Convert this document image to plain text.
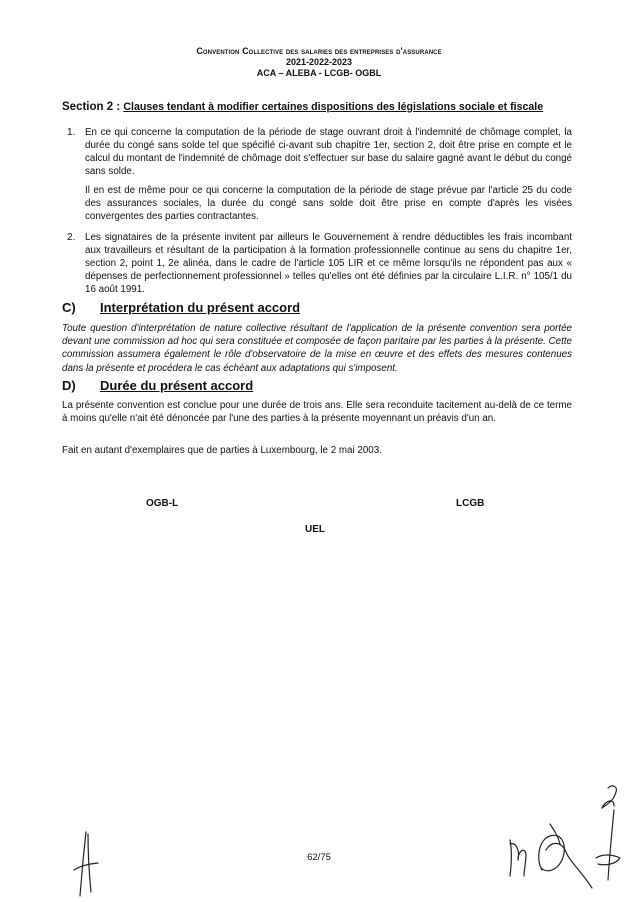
Convention Collective des salaries des entreprises d'assurance
2021-2022-2023
ACA – ALEBA - LCGB- OGBL
Section 2 : Clauses tendant à modifier certaines dispositions des législations sociale et fiscale
1. En ce qui concerne la computation de la période de stage ouvrant droit à l'indemnité de chômage complet, la durée du congé sans solde tel que spécifié ci-avant sub chapitre 1er, section 2, doit être prise en compte et le calcul du montant de l'indemnité de chômage doit s'effectuer sur base du salaire gagné avant le début du congé sans solde.

Il en est de même pour ce qui concerne la computation de la période de stage prévue par l'article 25 du code des assurances sociales, la durée du congé sans solde doit être prise en compte d'après les visées convergentes des parties contractantes.

2. Les signataires de la présente invitent par ailleurs le Gouvernement à rendre déductibles les frais incombant aux travailleurs et résultant de la participation à la formation professionnelle continue au sens du chapitre 1er, section 2, point 1, 2e alinéa, dans le cadre de l'article 105 LIR et ce même lorsqu'ils ne répondent pas aux « dépenses de perfectionnement professionnel » telles qu'elles ont été définies par la circulaire L.I.R. n° 105/1 du 16 août 1991.

C) Interprétation du présent accord
Toute question d'interprétation de nature collective résultant de l'application de la présente convention sera portée devant une commission ad hoc qui sera constituée et composée de façon paritaire par les parties à la présente. Cette commission assumera également le rôle d'observatoire de la mise en œuvre et des effets des mesures contenues dans la présente et procédera le cas échéant aux adaptations qui s'imposent.
D) Durée du présent accord
La présente convention est conclue pour une durée de trois ans. Elle sera reconduite tacitement au-delà de ce terme à moins qu'elle n'ait été dénoncée par l'une des parties à la présente moyennant un préavis d'un an.
Fait en autant d'exemplaires que de parties à Luxembourg, le 2 mai 2003.
OGB-L	LCGB
UEL
62/75
